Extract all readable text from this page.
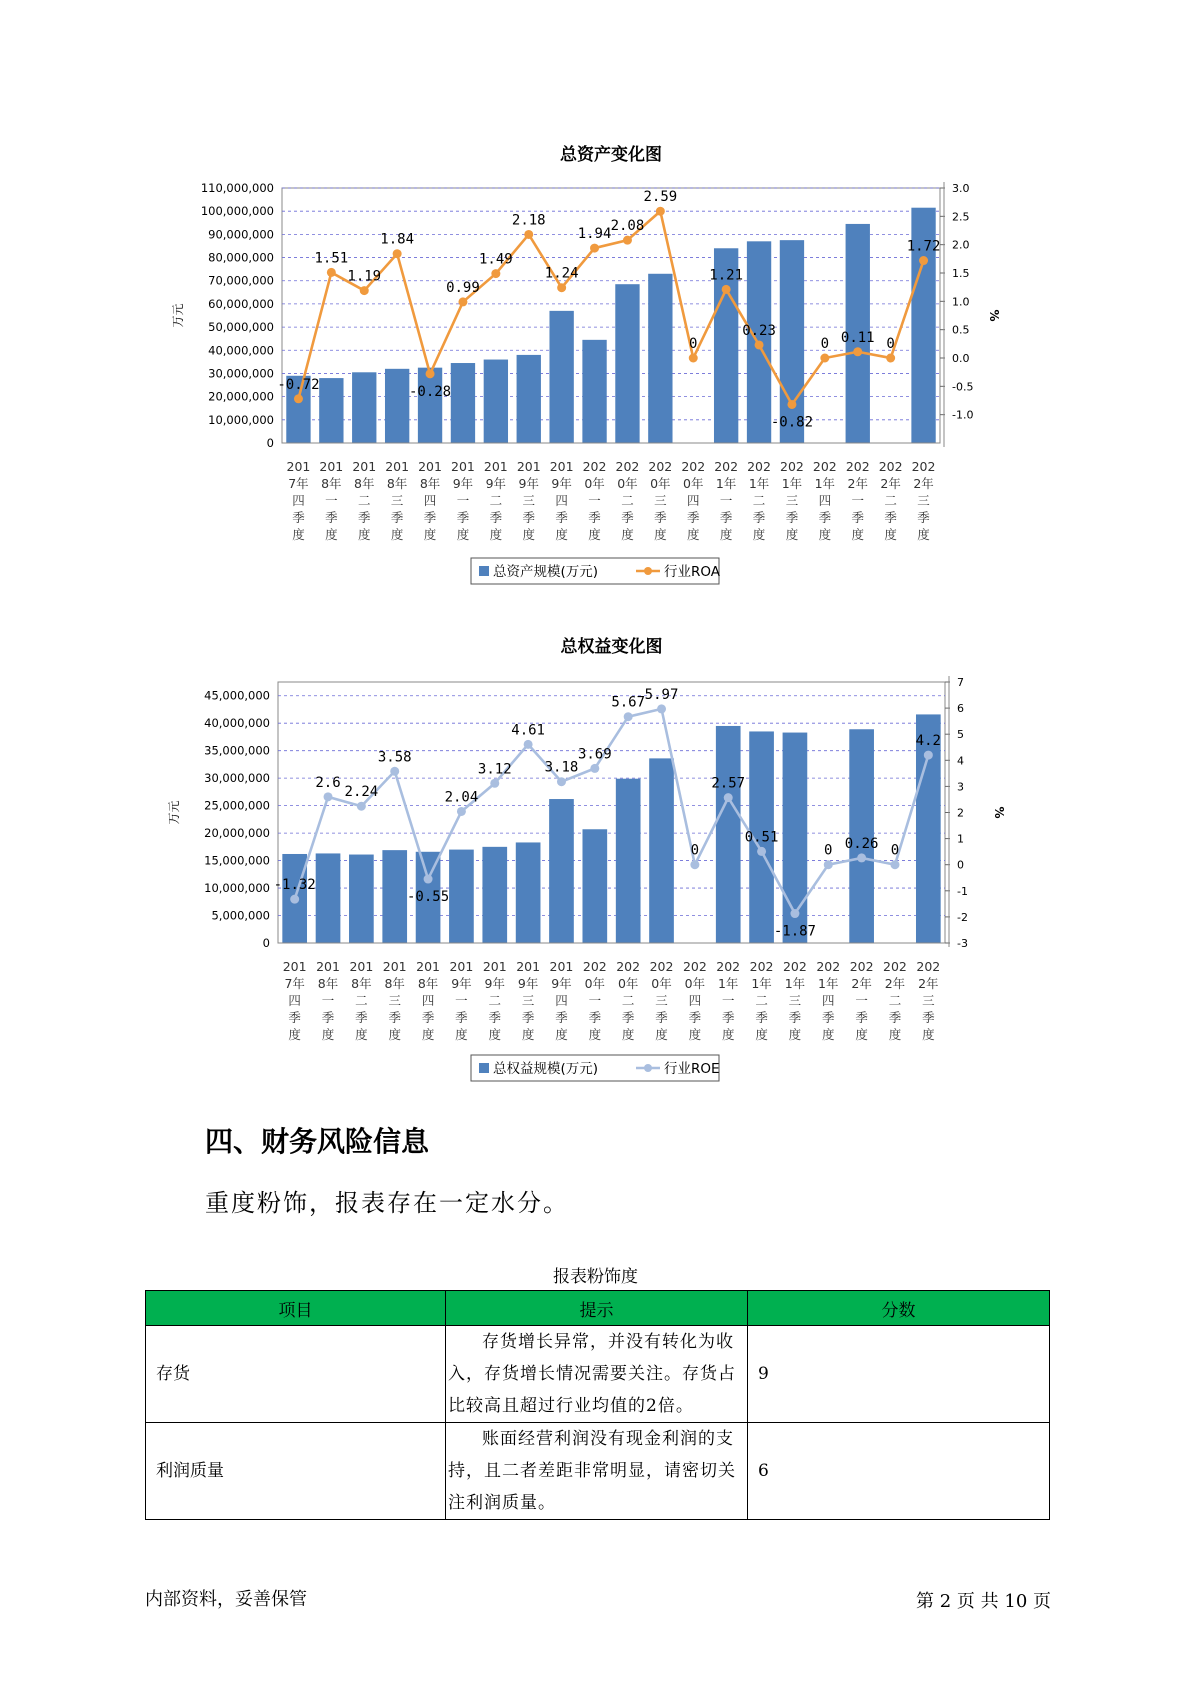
总资产变化图
0
10,000,000
20,000,000
30,000,000
40,000,000
50,000,000
60,000,000
70,000,000
80,000,000
90,000,000
100,000,000
110,000,000
-1.0
-0.5
0.0
0.5
1.0
1.5
2.0
2.5
3.0
万元	%
201
7年
四
季
度
201
8年
一
季
度
201
8年
二
季
度
201
8年
三
季
度
201
8年
四
季
度
201
9年
一
季
度
201
9年
二
季
度
201
9年
三
季
度
201
9年
四
季
度
202
0年
一
季
度
202
0年
二
季
度
202
0年
三
季
度
202
0年
四
季
度
202
1年
一
季
度
202
1年
二
季
度
202
1年
三
季
度
202
1年
四
季
度
202
2年
一
季
度
202
2年
二
季
度
202
2年
三
季
度
-0.72
1.51
1.19
1.84
-0.28
0.99
1.49
2.18
1.24
1.94 2.08
2.59
0
1.21
0.23
-0.82
0 0.11 0
1.72
总资产规模(万元)	行业ROA
总权益变化图
0
5,000,000
10,000,000
15,000,000
20,000,000
25,000,000
30,000,000
35,000,000
40,000,000
45,000,000
-3
-2
-1
0
1
2
3
4
5
6
7
万元	%
201
7年
四
季
度
201
8年
一
季
度
201
8年
二
季
度
201
8年
三
季
度
201
8年
四
季
度
201
9年
一
季
度
201
9年
二
季
度
201
9年
三
季
度
201
9年
四
季
度
202
0年
一
季
度
202
0年
二
季
度
202
0年
三
季
度
202
0年
四
季
度
202
1年
一
季
度
202
1年
二
季
度
202
1年
三
季
度
202
1年
四
季
度
202
2年
一
季
度
202
2年
二
季
度
202
2年
三
季
度
-1.32
2.6
2.24
3.58
-0.55
2.04
3.12
4.61
3.18
3.69
5.67 5.97
0
2.57
0.51
-1.87
0 0.26 0
4.2
总权益规模(万元)	行业ROE
四、财务风险信息

重度粉饰，报表存在一定水分。

报表粉饰度
项目	提示	分数
存货	存货增长异常，并没有转化为收入，存货增长情况需要关注。存货占比较高且超过行业均值的2倍。	9
利润质量	账面经营利润没有现金利润的支持，且二者差距非常明显，请密切关注利润质量。	6
内部资料，妥善保管	第 2 页 共 10 页
